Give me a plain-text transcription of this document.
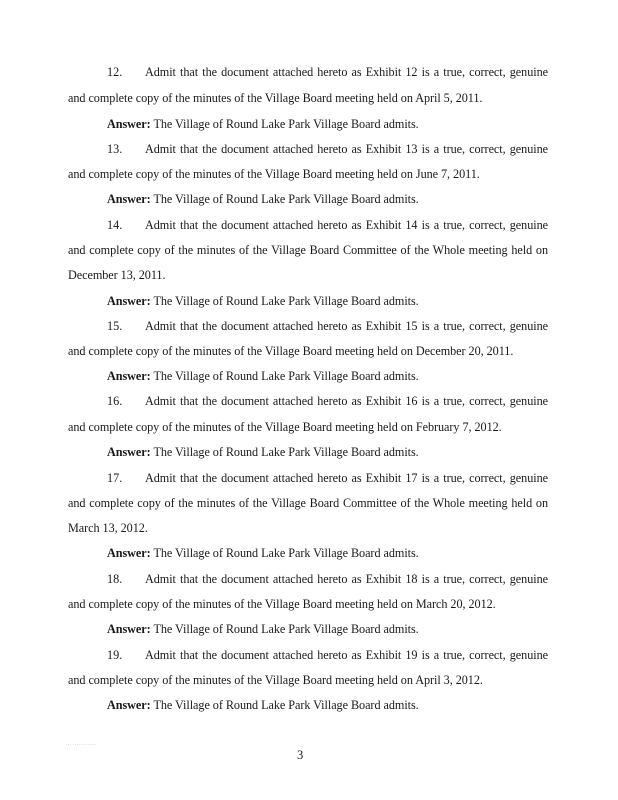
12. Admit that the document attached hereto as Exhibit 12 is a true, correct, genuine
and complete copy of the minutes of the Village Board meeting held on April 5, 2011.
Answer: The Village of Round Lake Park Village Board admits.
13. Admit that the document attached hereto as Exhibit 13 is a true, correct, genuine
and complete copy of the minutes of the Village Board meeting held on June 7, 2011.
Answer: The Village of Round Lake Park Village Board admits.
14. Admit that the document attached hereto as Exhibit 14 is a true, correct, genuine
and complete copy of the minutes of the Village Board Committee of the Whole meeting held on
December 13, 2011.
Answer: The Village of Round Lake Park Village Board admits.
15. Admit that the document attached hereto as Exhibit 15 is a true, correct, genuine
and complete copy of the minutes of the Village Board meeting held on December 20, 2011.
Answer: The Village of Round Lake Park Village Board admits.
16. Admit that the document attached hereto as Exhibit 16 is a true, correct, genuine
and complete copy of the minutes of the Village Board meeting held on February 7, 2012.
Answer: The Village of Round Lake Park Village Board admits.
17. Admit that the document attached hereto as Exhibit 17 is a true, correct, genuine
and complete copy of the minutes of the Village Board Committee of the Whole meeting held on
March 13, 2012.
Answer: The Village of Round Lake Park Village Board admits.
18. Admit that the document attached hereto as Exhibit 18 is a true, correct, genuine
and complete copy of the minutes of the Village Board meeting held on March 20, 2012.
Answer: The Village of Round Lake Park Village Board admits.
19. Admit that the document attached hereto as Exhibit 19 is a true, correct, genuine
and complete copy of the minutes of the Village Board meeting held on April 3, 2012.
Answer: The Village of Round Lake Park Village Board admits.
··· ·············
3
